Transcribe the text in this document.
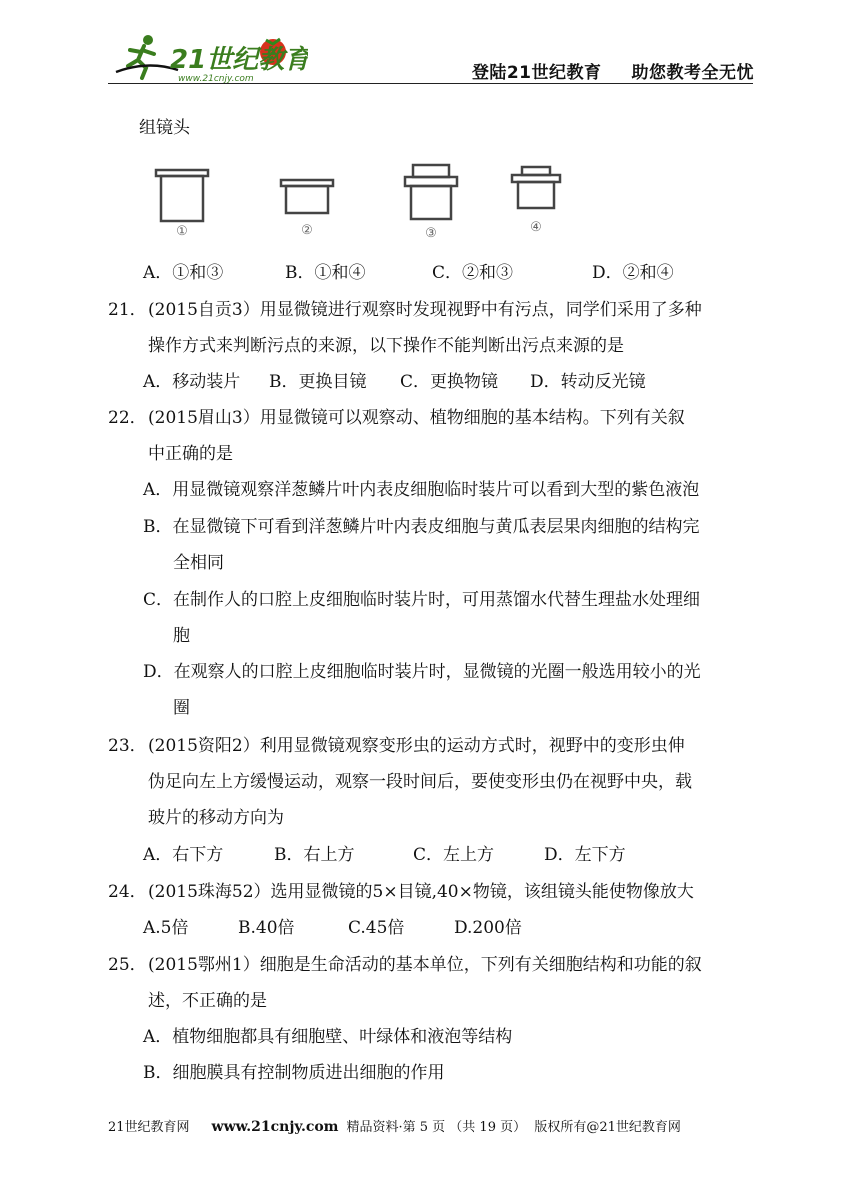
21世纪教育
www.21cnjy.com	登陆21世纪教育 助您教考全无忧
组镜头
①	②	③	④
A．①和③	B．①和④	C．②和③	D．②和④
21． (2015自贡3）用显微镜进行观察时发现视野中有污点，同学们采用了多种
操作方式来判断污点的来源，以下操作不能判断出污点来源的是
A．移动装片 B．更换目镜 C．更换物镜 D．转动反光镜
22． (2015眉山3）用显微镜可以观察动、植物细胞的基本结构。下列有关叙
中正确的是
A．用显微镜观察洋葱鳞片叶内表皮细胞临时装片可以看到大型的紫色液泡
B．在显微镜下可看到洋葱鳞片叶内表皮细胞与黄瓜表层果肉细胞的结构完
全相同
C．在制作人的口腔上皮细胞临时装片时，可用蒸馏水代替生理盐水处理细
胞
D．在观察人的口腔上皮细胞临时装片时，显微镜的光圈一般选用较小的光
圈
23． (2015资阳2）利用显微镜观察变形虫的运动方式时，视野中的变形虫伸
伪足向左上方缓慢运动，观察一段时间后，要使变形虫仍在视野中央，载
玻片的移动方向为
A．右下方	B．右上方	C．左上方	D．左下方
24． (2015珠海52）选用显微镜的5×目镜,40×物镜，该组镜头能使物像放大
A.5倍	B.40倍	C.45倍	D.200倍
25． (2015鄂州1）细胞是生命活动的基本单位，下列有关细胞结构和功能的叙
述，不正确的是
A．植物细胞都具有细胞壁、叶绿体和液泡等结构
B．细胞膜具有控制物质进出细胞的作用
21世纪教育网 www.21cnjy.com 精品资料·第 5 页 （共 19 页） 版权所有@21世纪教育网
